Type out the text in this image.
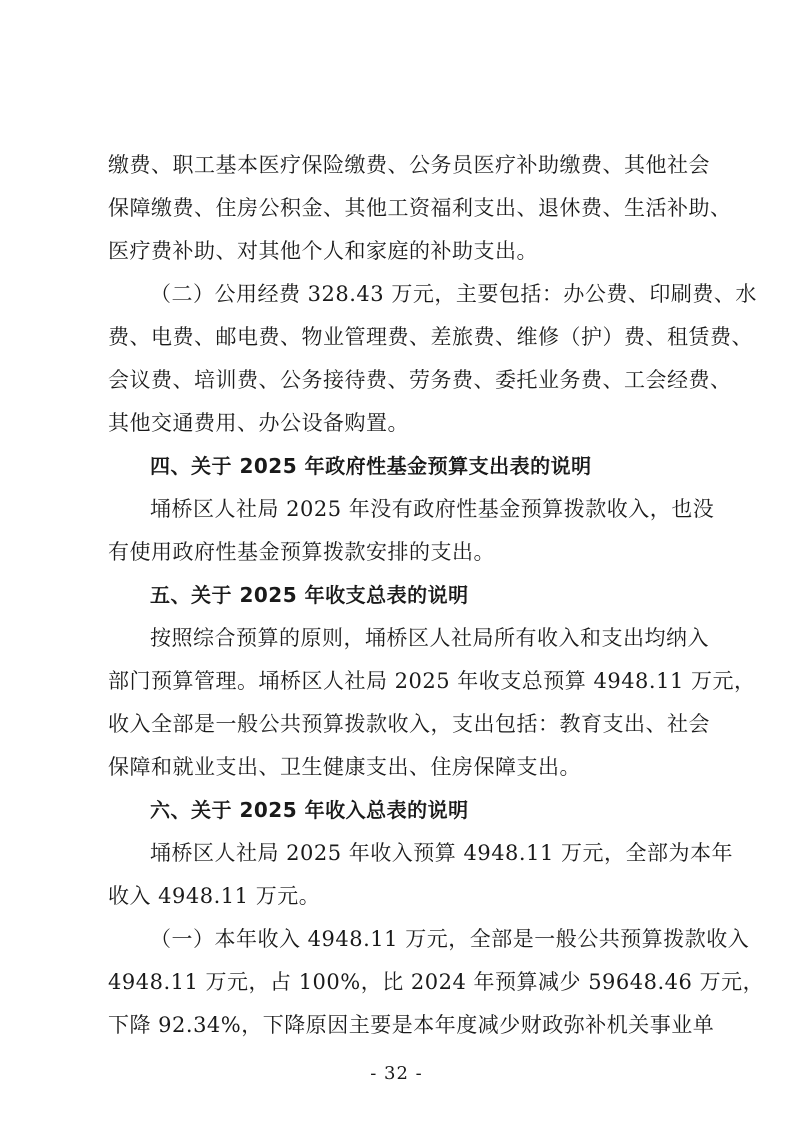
缴费、职工基本医疗保险缴费、公务员医疗补助缴费、其他社会
保障缴费、住房公积金、其他工资福利支出、退休费、生活补助、
医疗费补助、对其他个人和家庭的补助支出。
（二）公用经费 328.43 万元，主要包括：办公费、印刷费、水
费、电费、邮电费、物业管理费、差旅费、维修（护）费、租赁费、
会议费、培训费、公务接待费、劳务费、委托业务费、工会经费、
其他交通费用、办公设备购置。
四、关于 2025 年政府性基金预算支出表的说明
埇桥区人社局 2025 年没有政府性基金预算拨款收入，也没
有使用政府性基金预算拨款安排的支出。
五、关于 2025 年收支总表的说明
按照综合预算的原则，埇桥区人社局所有收入和支出均纳入
部门预算管理。埇桥区人社局 2025 年收支总预算 4948.11 万元，
收入全部是一般公共预算拨款收入，支出包括：教育支出、社会
保障和就业支出、卫生健康支出、住房保障支出。
六、关于 2025 年收入总表的说明
埇桥区人社局 2025 年收入预算 4948.11 万元，全部为本年
收入 4948.11 万元。
（一）本年收入 4948.11 万元，全部是一般公共预算拨款收入
4948.11 万元，占 100%，比 2024 年预算减少 59648.46 万元，
下降 92.34%，下降原因主要是本年度减少财政弥补机关事业单
- 32 -
